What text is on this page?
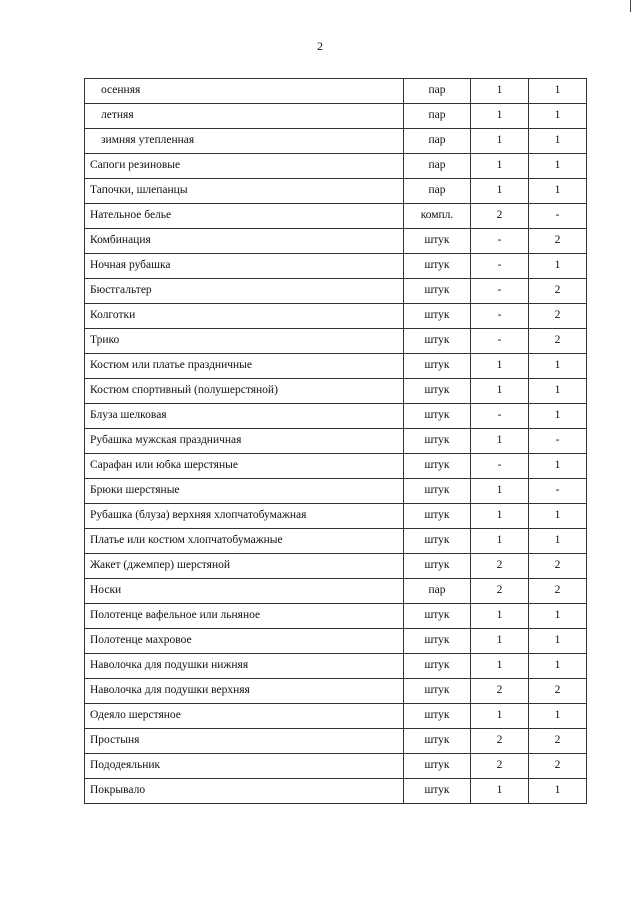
2
осенняя	пар	1	1
летняя	пар	1	1
зимняя утепленная	пар	1	1
Сапоги резиновые	пар	1	1
Тапочки, шлепанцы	пар	1	1
Нательное белье	компл.	2	-
Комбинация	штук	-	2
Ночная рубашка	штук	-	1
Бюстгальтер	штук	-	2
Колготки	штук	-	2
Трико	штук	-	2
Костюм или платье праздничные	штук	1	1
Костюм спортивный (полушерстяной)	штук	1	1
Блуза шелковая	штук	-	1
Рубашка мужская праздничная	штук	1	-
Сарафан или юбка шерстяные	штук	-	1
Брюки шерстяные	штук	1	-
Рубашка (блуза) верхняя хлопчатобумажная	штук	1	1
Платье или костюм хлопчатобумажные	штук	1	1
Жакет (джемпер) шерстяной	штук	2	2
Носки	пар	2	2
Полотенце вафельное или льняное	штук	1	1
Полотенце махровое	штук	1	1
Наволочка для подушки нижняя	штук	1	1
Наволочка для подушки верхняя	штук	2	2
Одеяло шерстяное	штук	1	1
Простыня	штук	2	2
Пододеяльник	штук	2	2
Покрывало	штук	1	1
